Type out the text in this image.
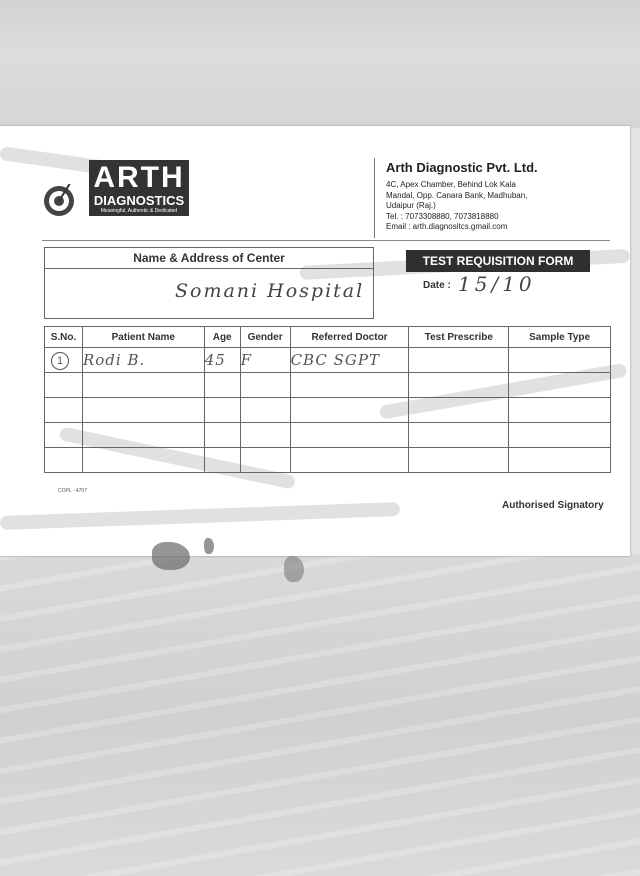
ARTH
DIAGNOSTICS
Meaningful, Authentic & Dedicated
Arth Diagnostic Pvt. Ltd.
4C, Apex Chamber, Behind Lok Kala
Mandal, Opp. Canara Bank, Madhuban,
Udaipur (Raj.)
Tel. : 7073308880, 7073818880
Email : arth.diagnositcs.gmail.com
Name & Address of Center
Somani Hospital
TEST REQUISITION FORM
Date : 15/10
S.No.	Patient Name	Age	Gender	Referred Doctor	Test Prescribe	Sample Type
1	Rodi B.	45	F	CBC SGPT		

COPL - 4707
Authorised Signatory
